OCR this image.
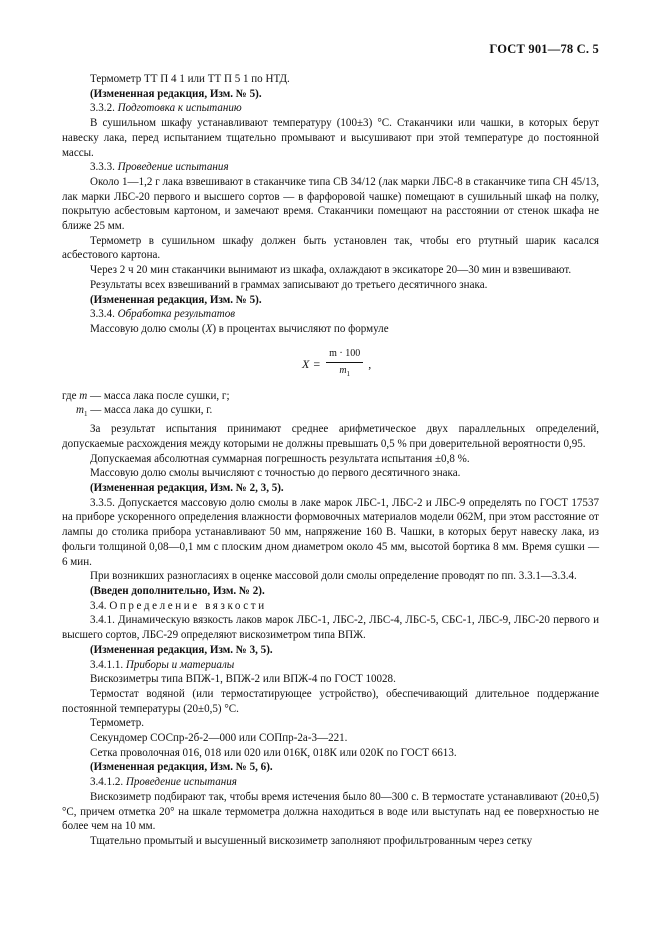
ГОСТ 901—78 С. 5

Термометр ТТ П 4 1 или ТТ П 5 1 по НТД.

(Измененная редакция, Изм. № 5).

3.3.2. Подготовка к испытанию

В сушильном шкафу устанавливают температуру (100±3) °С. Стаканчики или чашки, в которых берут навеску лака, перед испытанием тщательно промывают и высушивают при этой температуре до постоянной массы.

3.3.3. Проведение испытания

Около 1—1,2 г лака взвешивают в стаканчике типа СВ 34/12 (лак марки ЛБС-8 в стаканчике типа СН 45/13, лак марки ЛБС-20 первого и высшего сортов — в фарфоровой чашке) помещают в сушильный шкаф на полку, покрытую асбестовым картоном, и замечают время. Стаканчики помещают на расстоянии от стенок шкафа не ближе 25 мм.

Термометр в сушильном шкафу должен быть установлен так, чтобы его ртутный шарик касался асбестового картона.

Через 2 ч 20 мин стаканчики вынимают из шкафа, охлаждают в эксикаторе 20—30 мин и взвешивают.

Результаты всех взвешиваний в граммах записывают до третьего десятичного знака.

(Измененная редакция, Изм. № 5).

3.3.4. Обработка результатов

Массовую долю смолы (X) в процентах вычисляют по формуле

$X = \frac{m \cdot 100}{m_1}$ ,

где m — масса лака после сушки, г;

$m_1$ — масса лака до сушки, г.

За результат испытания принимают среднее арифметическое двух параллельных определений, допускаемые расхождения между которыми не должны превышать 0,5 % при доверительной вероятности 0,95.

Допускаемая абсолютная суммарная погрешность результата испытания ±0,8 %.

Массовую долю смолы вычисляют с точностью до первого десятичного знака.

(Измененная редакция, Изм. № 2, 3, 5).

3.3.5. Допускается массовую долю смолы в лаке марок ЛБС-1, ЛБС-2 и ЛБС-9 определять по ГОСТ 17537 на приборе ускоренного определения влажности формовочных материалов модели 062М, при этом расстояние от лампы до столика прибора устанавливают 50 мм, напряжение 160 В. Чашки, в которых берут навеску лака, из фольги толщиной 0,08—0,1 мм с плоским дном диаметром около 45 мм, высотой бортика 8 мм. Время сушки — 6 мин.

При возникших разногласиях в оценке массовой доли смолы определение проводят по пп. 3.3.1—3.3.4.

(Введен дополнительно, Изм. № 2).

3.4. Определение вязкости

3.4.1. Динамическую вязкость лаков марок ЛБС-1, ЛБС-2, ЛБС-4, ЛБС-5, СБС-1, ЛБС-9, ЛБС-20 первого и высшего сортов, ЛБС-29 определяют вискозиметром типа ВПЖ.

(Измененная редакция, Изм. № 3, 5).

3.4.1.1. Приборы и материалы

Вискозиметры типа ВПЖ-1, ВПЖ-2 или ВПЖ-4 по ГОСТ 10028.

Термостат водяной (или термостатирующее устройство), обеспечивающий длительное поддержание постоянной температуры (20±0,5) °С.

Термометр.

Секундомер СОСпр-2б-2—000 или СОПпр-2а-3—221.

Сетка проволочная 016, 018 или 020 или 016К, 018К или 020К по ГОСТ 6613.

(Измененная редакция, Изм. № 5, 6).

3.4.1.2. Проведение испытания

Вискозиметр подбирают так, чтобы время истечения было 80—300 с. В термостате устанавливают (20±0,5) °С, причем отметка 20° на шкале термометра должна находиться в воде или выступать над ее поверхностью не более чем на 10 мм.

Тщательно промытый и высушенный вискозиметр заполняют профильтрованным через сетку
